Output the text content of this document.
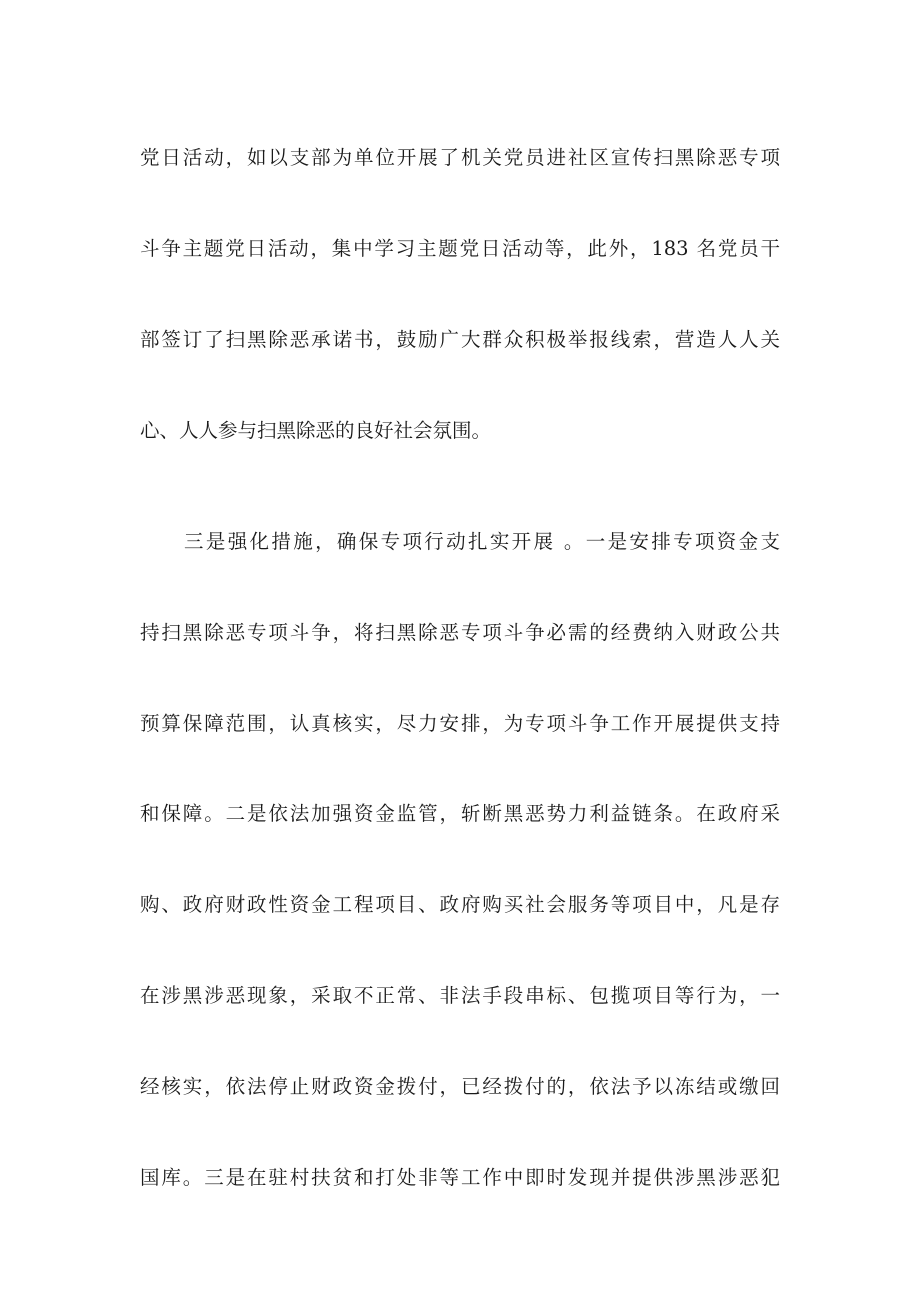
党日活动，如以支部为单位开展了机关党员进社区宣传扫黑除恶专项
斗争主题党日活动，集中学习主题党日活动等，此外，183 名党员干
部签订了扫黑除恶承诺书，鼓励广大群众积极举报线索，营造人人关
心、人人参与扫黑除恶的良好社会氛围。
三是强化措施，确保专项行动扎实开展 。一是安排专项资金支
持扫黑除恶专项斗争，将扫黑除恶专项斗争必需的经费纳入财政公共
预算保障范围，认真核实，尽力安排，为专项斗争工作开展提供支持
和保障。二是依法加强资金监管，斩断黑恶势力利益链条。在政府采
购、政府财政性资金工程项目、政府购买社会服务等项目中，凡是存
在涉黑涉恶现象，采取不正常、非法手段串标、包揽项目等行为，一
经核实，依法停止财政资金拨付，已经拨付的，依法予以冻结或缴回
国库。三是在驻村扶贫和打处非等工作中即时发现并提供涉黑涉恶犯
